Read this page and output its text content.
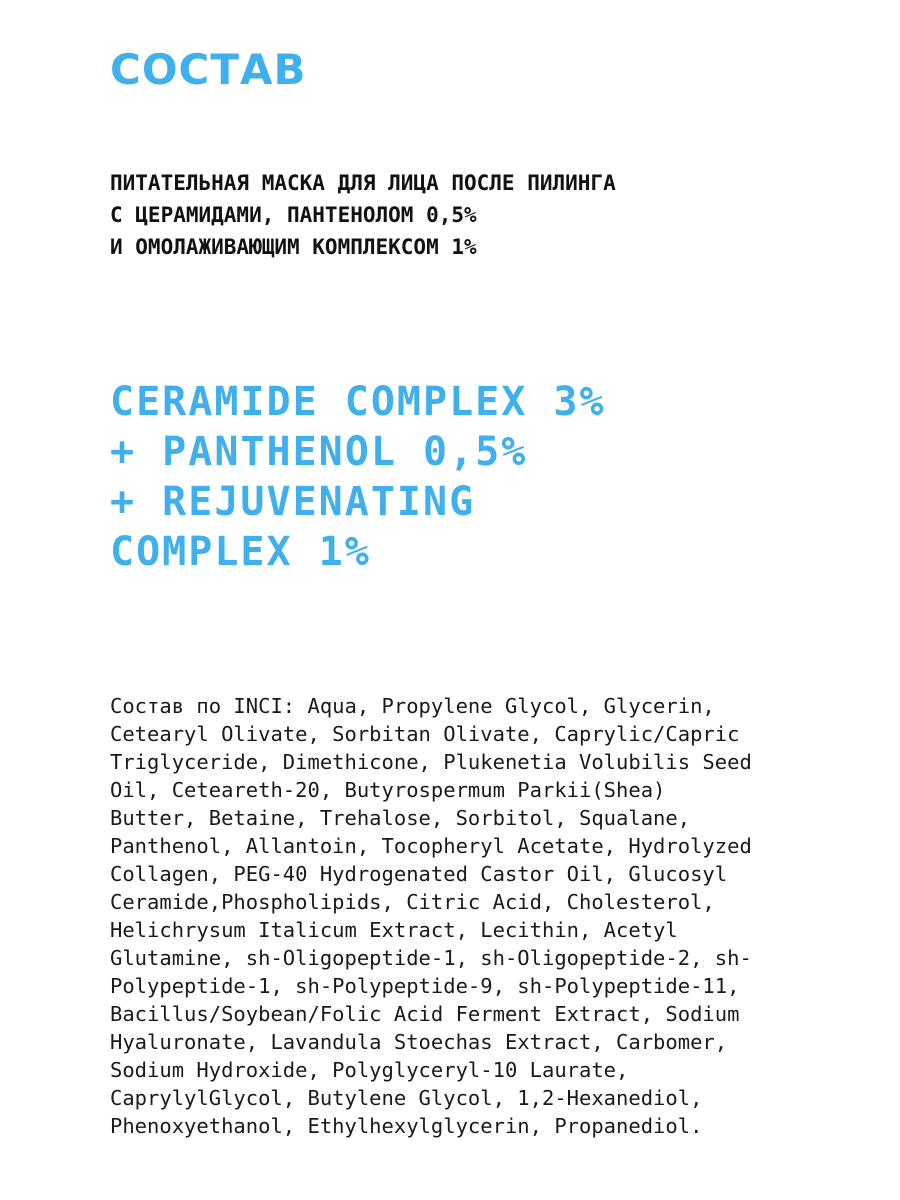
СОСТАВ
ПИТАТЕЛЬНАЯ МАСКА ДЛЯ ЛИЦА ПОСЛЕ ПИЛИНГА
С ЦЕРАМИДАМИ, ПАНТЕНОЛОМ 0,5%
И ОМОЛАЖИВАЮЩИМ КОМПЛЕКСОМ 1%
CERAMIDE COMPLEX 3%
+ PANTHENOL 0,5%
+ REJUVENATING
COMPLEX 1%

Состав по INCI: Aqua, Propylene Glycol, Glycerin,
Cetearyl Olivate, Sorbitan Olivate, Caprylic/Capric
Triglyceride, Dimethicone, Plukenetia Volubilis Seed
Oil, Ceteareth-20, Butyrospermum Parkii(Shea)
Butter, Betaine, Trehalose, Sorbitol, Squalane,
Panthenol, Allantoin, Tocopheryl Acetate, Hydrolyzed
Collagen, PEG-40 Hydrogenated Castor Oil, Glucosyl
Ceramide,Phospholipids, Citric Acid, Cholesterol,
Helichrysum Italicum Extract, Lecithin, Acetyl
Glutamine, sh-Oligopeptide-1, sh-Oligopeptide-2, sh-
Polypeptide-1, sh-Polypeptide-9, sh-Polypeptide-11,
Bacillus/Soybean/Folic Acid Ferment Extract, Sodium
Hyaluronate, Lavandula Stoechas Extract, Carbomer,
Sodium Hydroxide, Polyglyceryl-10 Laurate,
CaprylylGlycol, Butylene Glycol, 1,2-Hexanediol,
Phenoxyethanol, Ethylhexylglycerin, Propanediol.
